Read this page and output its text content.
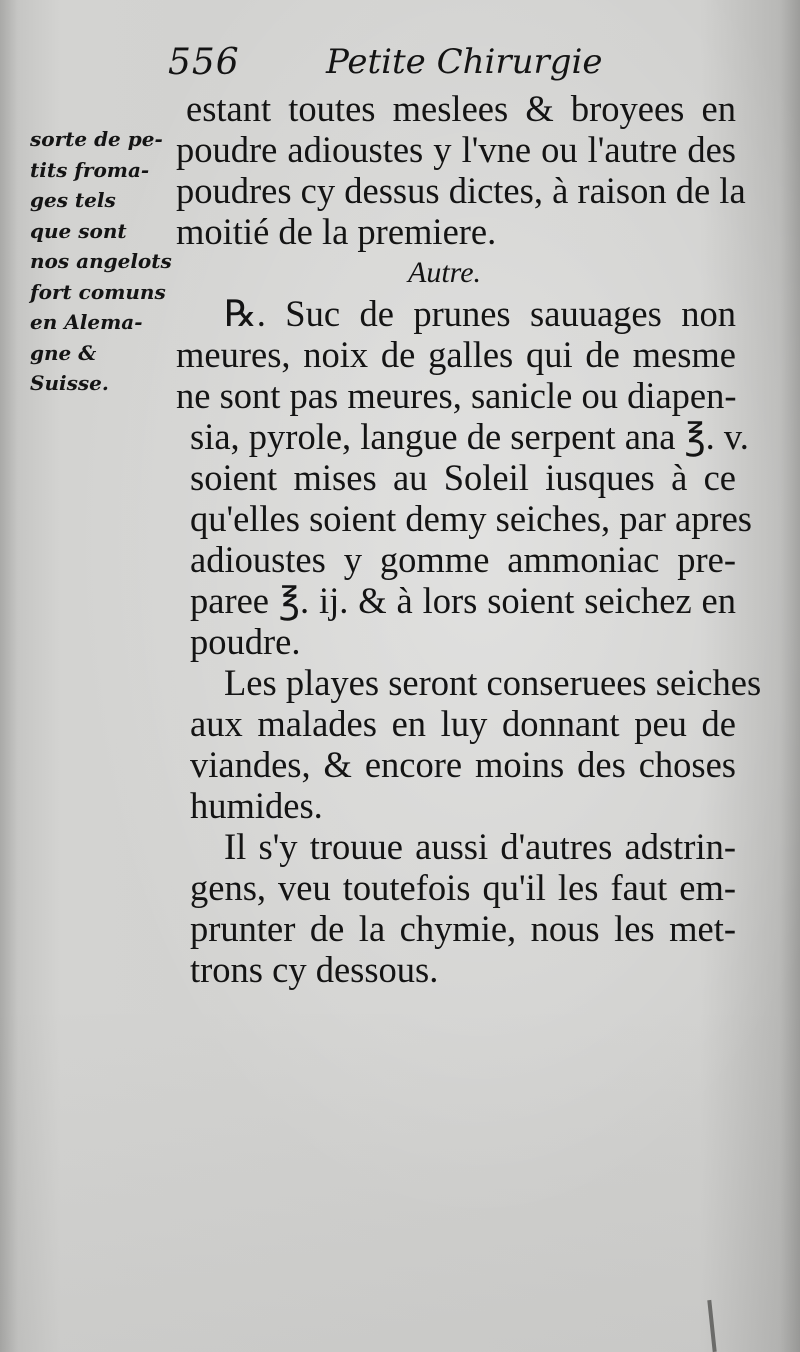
556	Petite Chirurgie
sorte de pe-
tits froma-
ges tels
que sont
nos angelots
fort comuns
en Alema-
gne &
Suisse.
estant toutes meslees & broyees en
poudre adioustes y l'vne ou l'autre des
poudres cy dessus dictes, à raison de la
moitié de la premiere.
Autre.
℞. Suc de prunes sauuages non
meures, noix de galles qui de mesme
ne sont pas meures, sanicle ou diapen-
sia, pyrole, langue de serpent ana ℥. v.
soient mises au Soleil iusques à ce
qu'elles soient demy seiches, par apres
adioustes y gomme ammoniac pre-
paree ℥. ij. & à lors soient seichez en
poudre.
Les playes seront conseruees seiches
aux malades en luy donnant peu de
viandes, & encore moins des choses
humides.
Il s'y trouue aussi d'autres adstrin-
gens, veu toutefois qu'il les faut em-
prunter de la chymie, nous les met-
trons cy dessous.
